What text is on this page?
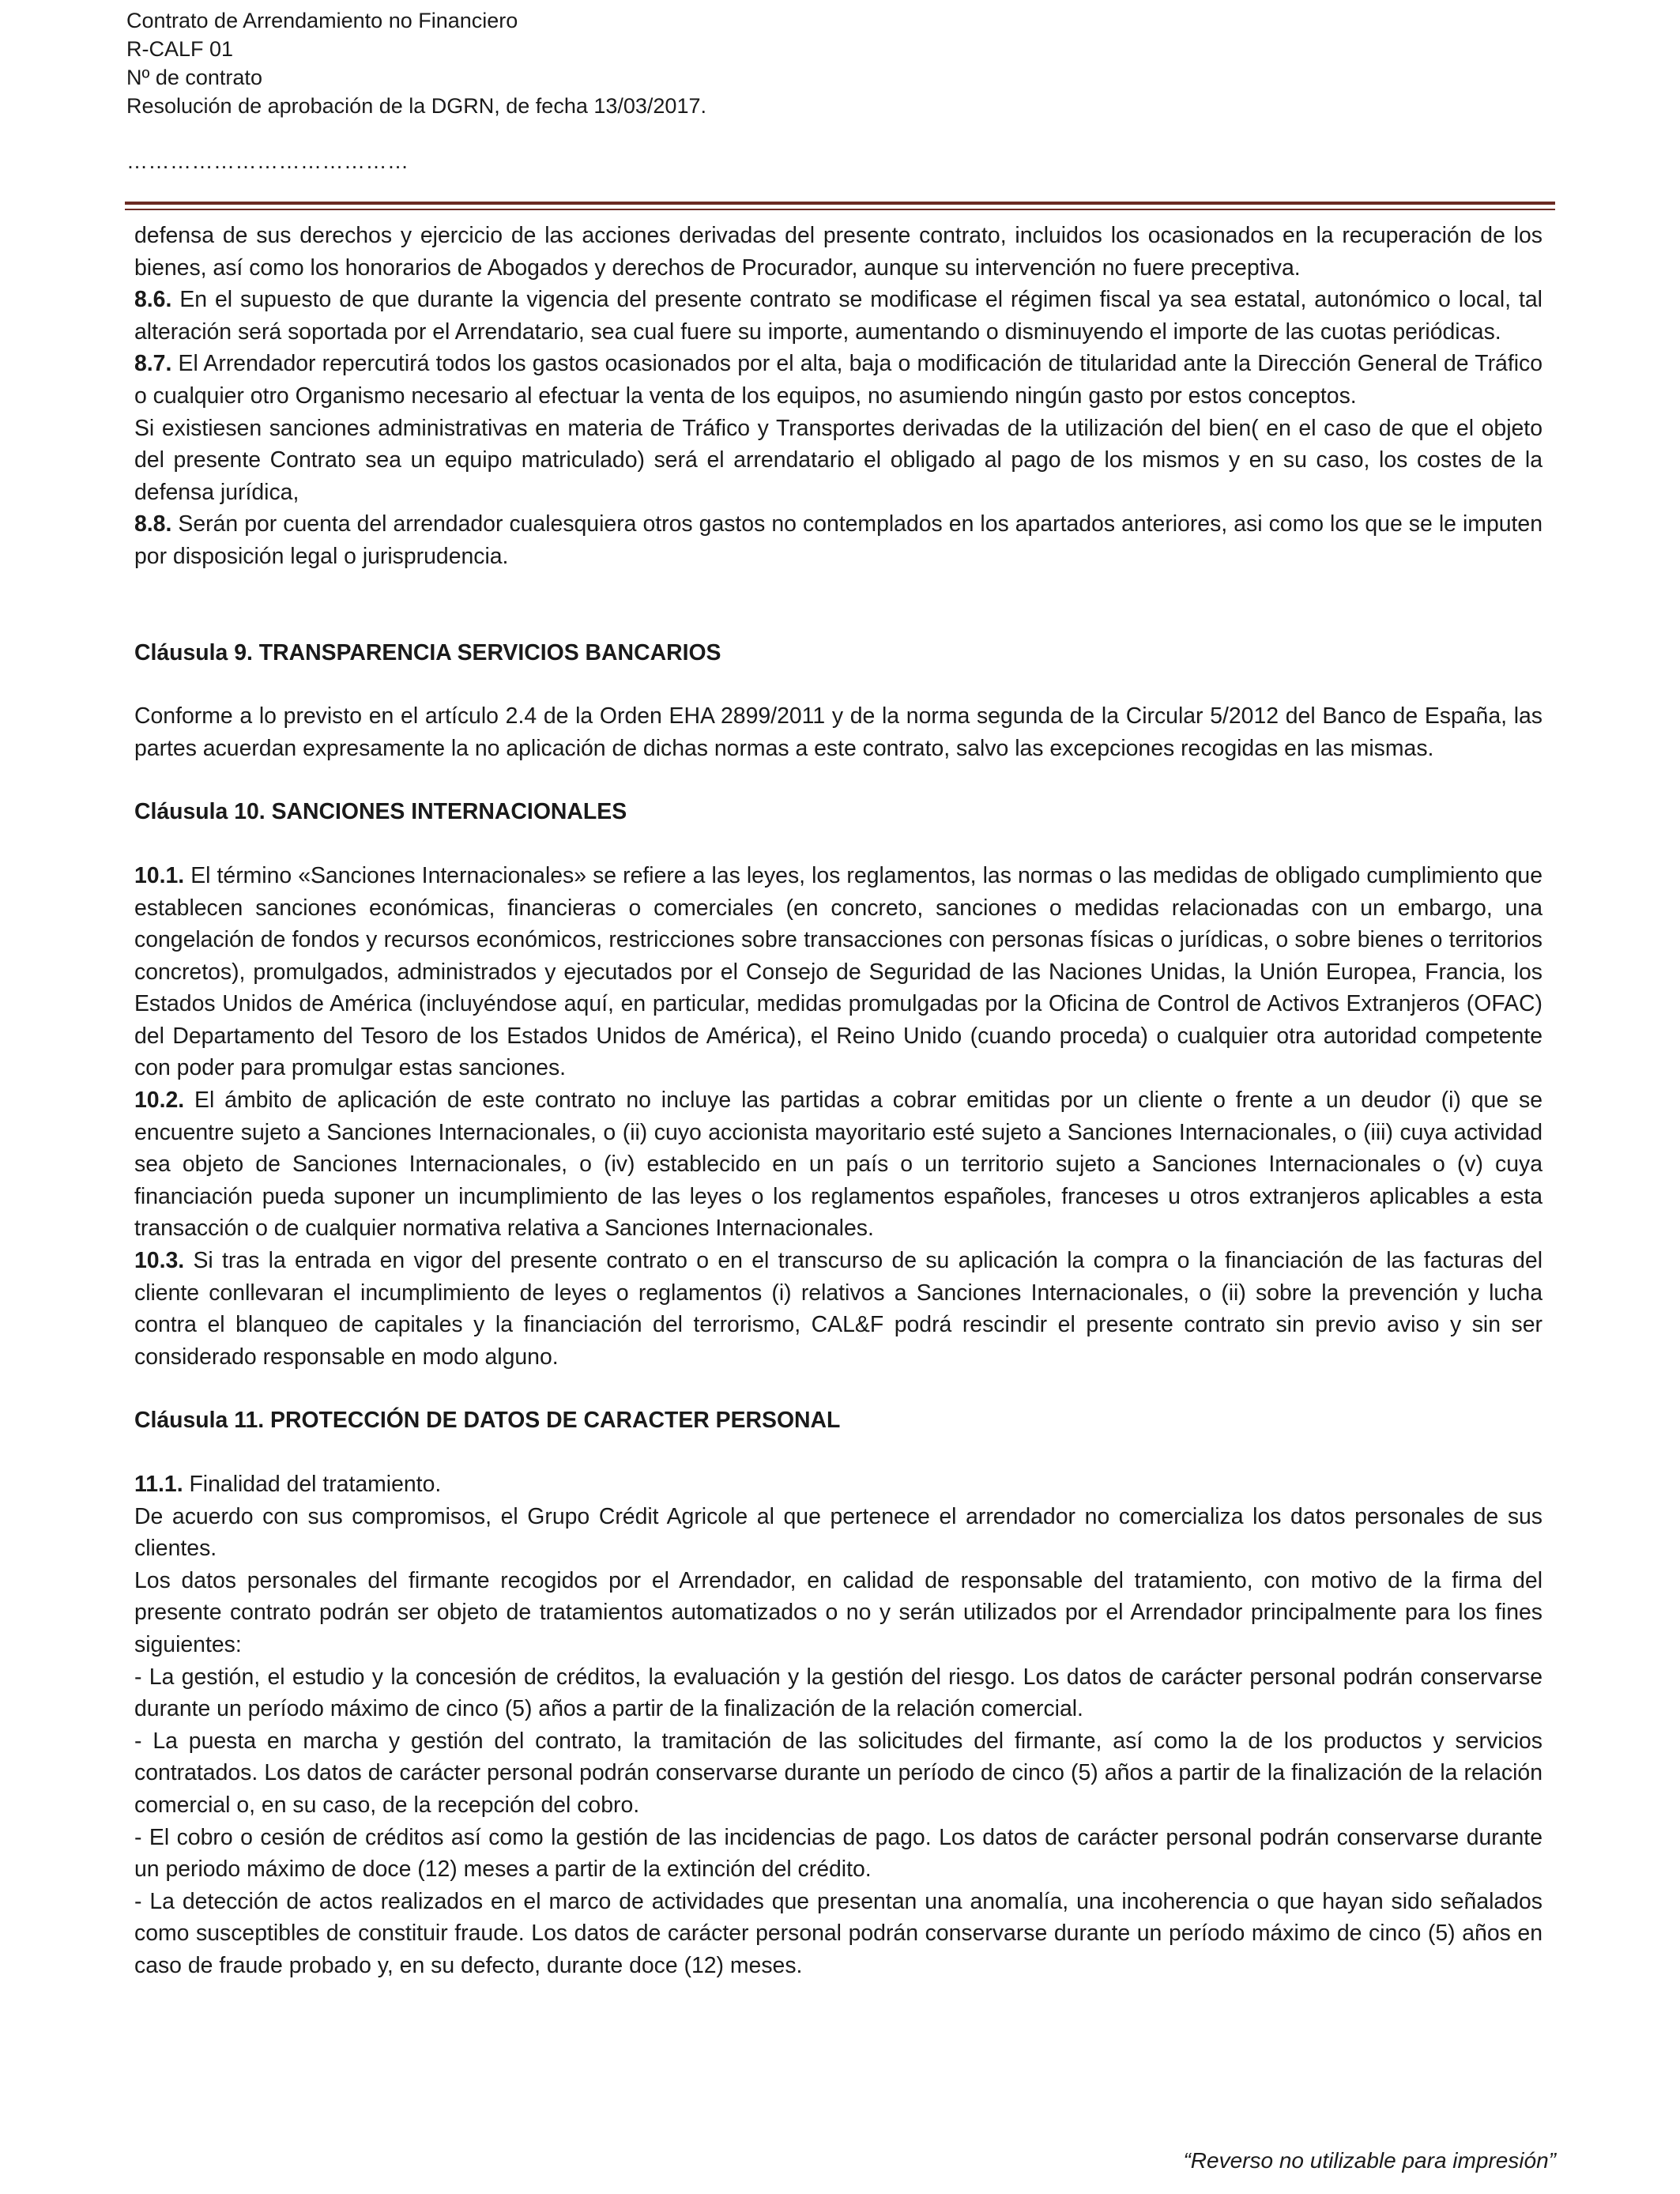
Contrato de Arrendamiento no Financiero
R-CALF 01
Nº de contrato
Resolución de aprobación de la DGRN, de fecha 13/03/2017.
…………………………………

defensa de sus derechos y ejercicio de las acciones derivadas del presente contrato, incluidos los ocasionados en la recuperación de los bienes, así como los honorarios de Abogados y derechos de Procurador, aunque su intervención no fuere preceptiva.

8.6. En el supuesto de que durante la vigencia del presente contrato se modificase el régimen fiscal ya sea estatal, autonómico o local, tal alteración será soportada por el Arrendatario, sea cual fuere su importe, aumentando o disminuyendo el importe de las cuotas periódicas.

8.7. El Arrendador repercutirá todos los gastos ocasionados por el alta, baja o modificación de titularidad ante la Dirección General de Tráfico o cualquier otro Organismo necesario al efectuar la venta de los equipos, no asumiendo ningún gasto por estos conceptos.

Si existiesen sanciones administrativas en materia de Tráfico y Transportes derivadas de la utilización del bien( en el caso de que el objeto del presente Contrato sea un equipo matriculado) será el arrendatario el obligado al pago de los mismos y en su caso, los costes de la defensa jurídica,

8.8. Serán por cuenta del arrendador cualesquiera otros gastos no contemplados en los apartados anteriores, asi como los que se le imputen por disposición legal o jurisprudencia.

Cláusula 9. TRANSPARENCIA SERVICIOS BANCARIOS

Conforme a lo previsto en el artículo 2.4 de la Orden EHA 2899/2011 y de la norma segunda de la Circular 5/2012 del Banco de España, las partes acuerdan expresamente la no aplicación de dichas normas a este contrato, salvo las excepciones recogidas en las mismas.

Cláusula 10. SANCIONES INTERNACIONALES

10.1. El término «Sanciones Internacionales» se refiere a las leyes, los reglamentos, las normas o las medidas de obligado cumplimiento que establecen sanciones económicas, financieras o comerciales (en concreto, sanciones o medidas relacionadas con un embargo, una congelación de fondos y recursos económicos, restricciones sobre transacciones con personas físicas o jurídicas, o sobre bienes o territorios concretos), promulgados, administrados y ejecutados por el Consejo de Seguridad de las Naciones Unidas, la Unión Europea, Francia, los Estados Unidos de América (incluyéndose aquí, en particular, medidas promulgadas por la Oficina de Control de Activos Extranjeros (OFAC) del Departamento del Tesoro de los Estados Unidos de América), el Reino Unido (cuando proceda) o cualquier otra autoridad competente con poder para promulgar estas sanciones.

10.2. El ámbito de aplicación de este contrato no incluye las partidas a cobrar emitidas por un cliente o frente a un deudor (i) que se encuentre sujeto a Sanciones Internacionales, o (ii) cuyo accionista mayoritario esté sujeto a Sanciones Internacionales, o (iii) cuya actividad sea objeto de Sanciones Internacionales, o (iv) establecido en un país o un territorio sujeto a Sanciones Internacionales o (v) cuya financiación pueda suponer un incumplimiento de las leyes o los reglamentos españoles, franceses u otros extranjeros aplicables a esta transacción o de cualquier normativa relativa a Sanciones Internacionales.

10.3. Si tras la entrada en vigor del presente contrato o en el transcurso de su aplicación la compra o la financiación de las facturas del cliente conllevaran el incumplimiento de leyes o reglamentos (i) relativos a Sanciones Internacionales, o (ii) sobre la prevención y lucha contra el blanqueo de capitales y la financiación del terrorismo, CAL&F podrá rescindir el presente contrato sin previo aviso y sin ser considerado responsable en modo alguno.

Cláusula 11. PROTECCIÓN DE DATOS DE CARACTER PERSONAL

11.1. Finalidad del tratamiento.

De acuerdo con sus compromisos, el Grupo Crédit Agricole al que pertenece el arrendador no comercializa los datos personales de sus clientes.

Los datos personales del firmante recogidos por el Arrendador, en calidad de responsable del tratamiento, con motivo de la firma del presente contrato podrán ser objeto de tratamientos automatizados o no y serán utilizados por el Arrendador principalmente para los fines siguientes:

- La gestión, el estudio y la concesión de créditos, la evaluación y la gestión del riesgo. Los datos de carácter personal podrán conservarse durante un período máximo de cinco (5) años a partir de la finalización de la relación comercial.

- La puesta en marcha y gestión del contrato, la tramitación de las solicitudes del firmante, así como la de los productos y servicios contratados. Los datos de carácter personal podrán conservarse durante un período de cinco (5) años a partir de la finalización de la relación comercial o, en su caso, de la recepción del cobro.

- El cobro o cesión de créditos así como la gestión de las incidencias de pago. Los datos de carácter personal podrán conservarse durante un periodo máximo de doce (12) meses a partir de la extinción del crédito.

- La detección de actos realizados en el marco de actividades que presentan una anomalía, una incoherencia o que hayan sido señalados como susceptibles de constituir fraude. Los datos de carácter personal podrán conservarse durante un período máximo de cinco (5) años en caso de fraude probado y, en su defecto, durante doce (12) meses.

“Reverso no utilizable para impresión”
